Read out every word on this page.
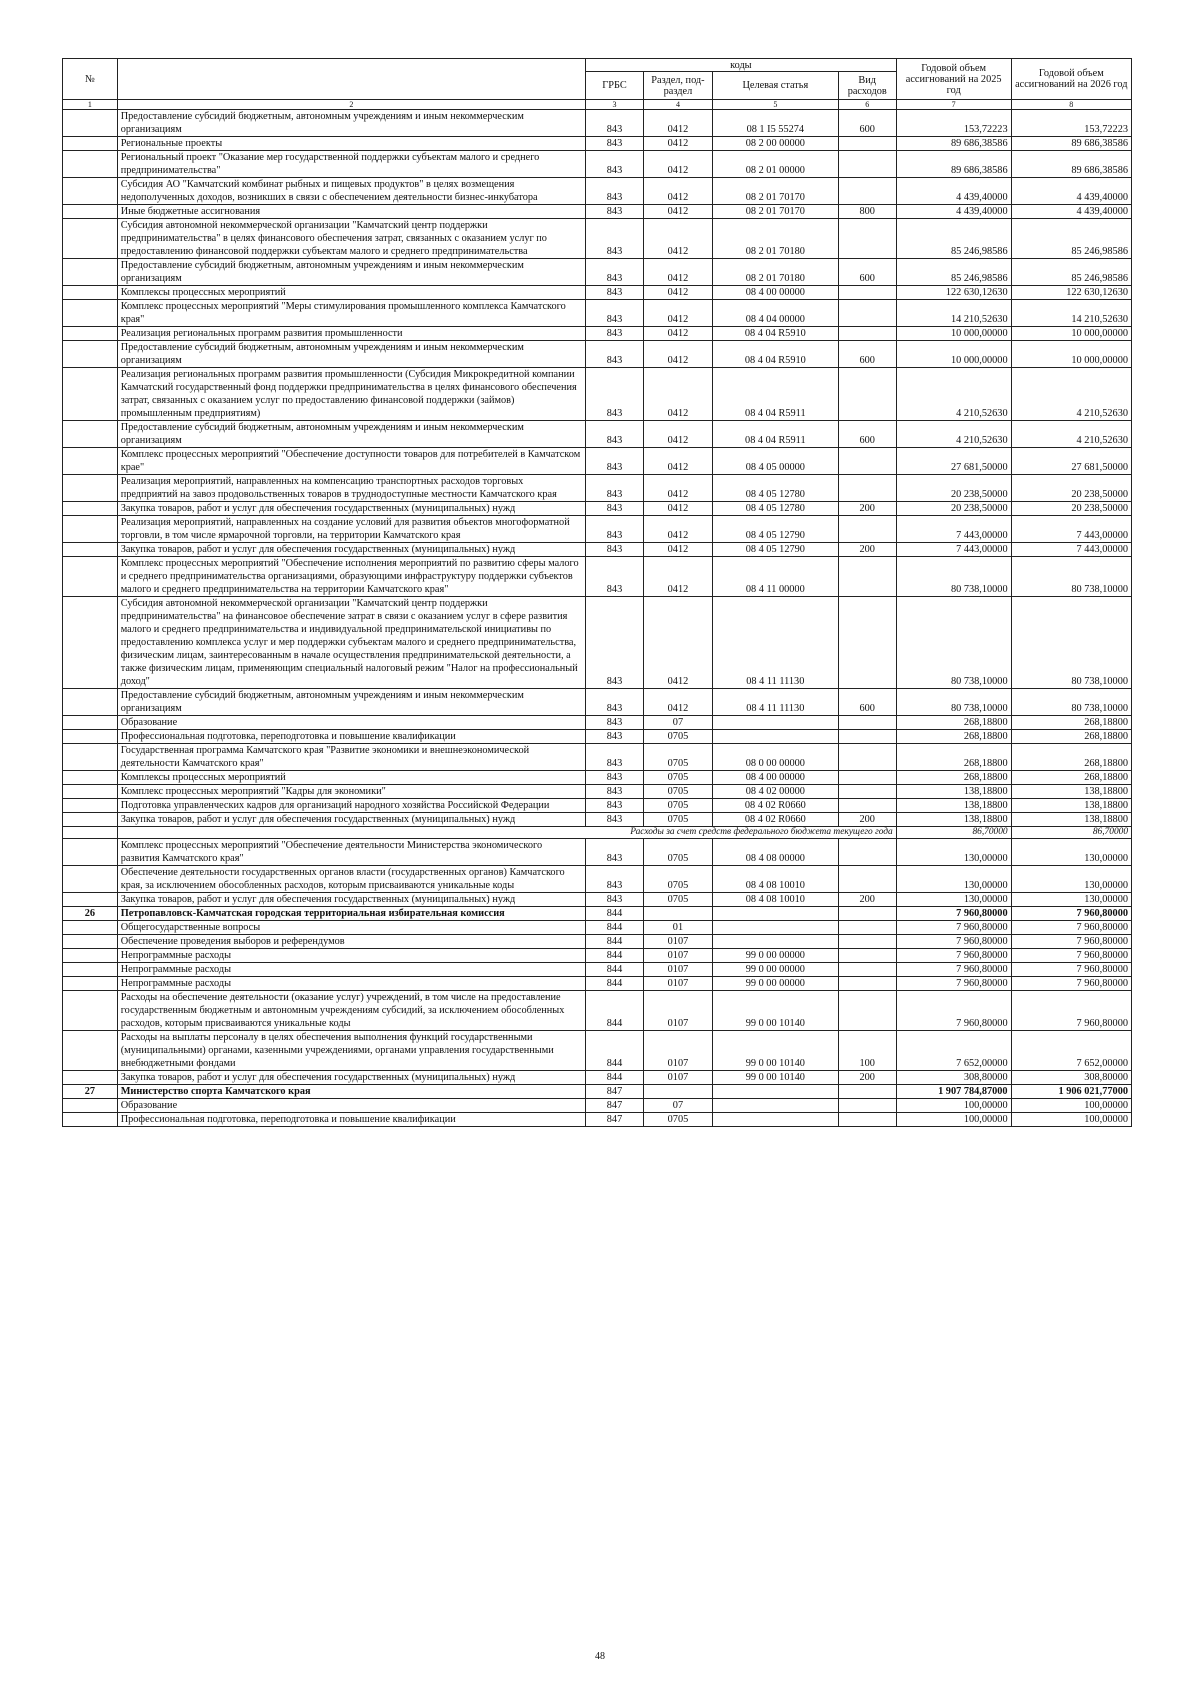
№		коды				Годовой объем ассигнований на 2025 год	Годовой объем ассигнований на 2026 год
		ГРБС	Раздел, под-раздел	Целевая статья	Вид расходов		
1	2	3	4	5	6	7	8
	Предоставление субсидий бюджетным, автономным учреждениям и иным некоммерческим организациям	843	0412	08 1 I5 55274	600	153,72223	153,72223
	Региональные проекты	843	0412	08 2 00 00000		89 686,38586	89 686,38586
	Региональный проект "Оказание мер государственной поддержки субъектам малого и среднего предпринимательства"	843	0412	08 2 01 00000		89 686,38586	89 686,38586
	Субсидия АО "Камчатский комбинат рыбных и пищевых продуктов" в целях возмещения недополученных доходов, возникших в связи с обеспечением деятельности бизнес-инкубатора	843	0412	08 2 01 70170		4 439,40000	4 439,40000
	Иные бюджетные ассигнования	843	0412	08 2 01 70170	800	4 439,40000	4 439,40000
	Субсидия автономной некоммерческой организации "Камчатский центр поддержки предпринимательства" в целях финансового обеспечения затрат, связанных с оказанием услуг по предоставлению финансовой поддержки субъектам малого и среднего предпринимательства	843	0412	08 2 01 70180		85 246,98586	85 246,98586
	Предоставление субсидий бюджетным, автономным учреждениям и иным некоммерческим организациям	843	0412	08 2 01 70180	600	85 246,98586	85 246,98586
	Комплексы процессных мероприятий	843	0412	08 4 00 00000		122 630,12630	122 630,12630
	Комплекс процессных мероприятий "Меры стимулирования промышленного комплекса Камчатского края"	843	0412	08 4 04 00000		14 210,52630	14 210,52630
	Реализация региональных программ развития промышленности	843	0412	08 4 04 R5910		10 000,00000	10 000,00000
	Предоставление субсидий бюджетным, автономным учреждениям и иным некоммерческим организациям	843	0412	08 4 04 R5910	600	10 000,00000	10 000,00000
	Реализация региональных программ развития промышленности (Субсидия Микрокредитной компании Камчатский государственный фонд поддержки предпринимательства в целях финансового обеспечения затрат, связанных с оказанием услуг по предоставлению финансовой поддержки (займов) промышленным предприятиям)	843	0412	08 4 04 R5911		4 210,52630	4 210,52630
	Предоставление субсидий бюджетным, автономным учреждениям и иным некоммерческим организациям	843	0412	08 4 04 R5911	600	4 210,52630	4 210,52630
	Комплекс процессных мероприятий "Обеспечение доступности товаров для потребителей в Камчатском крае"	843	0412	08 4 05 00000		27 681,50000	27 681,50000
	Реализация мероприятий, направленных на компенсацию транспортных расходов торговых предприятий на завоз продовольственных товаров в труднодоступные местности Камчатского края	843	0412	08 4 05 12780		20 238,50000	20 238,50000
	Закупка товаров, работ и услуг для обеспечения государственных (муниципальных) нужд	843	0412	08 4 05 12780	200	20 238,50000	20 238,50000
	Реализация мероприятий, направленных на создание условий для развития объектов многоформатной торговли, в том числе ярмарочной торговли, на территории Камчатского края	843	0412	08 4 05 12790		7 443,00000	7 443,00000
	Закупка товаров, работ и услуг для обеспечения государственных (муниципальных) нужд	843	0412	08 4 05 12790	200	7 443,00000	7 443,00000
	Комплекс процессных мероприятий "Обеспечение исполнения мероприятий по развитию сферы малого и среднего предпринимательства организациями, образующими инфраструктуру поддержки субъектов малого и среднего предпринимательства на территории Камчатского края"	843	0412	08 4 11 00000		80 738,10000	80 738,10000
	Субсидия автономной некоммерческой организации "Камчатский центр поддержки предпринимательства" на финансовое обеспечение затрат в связи с оказанием услуг в сфере развития малого и среднего предпринимательства и индивидуальной предпринимательской инициативы по предоставлению комплекса услуг и мер поддержки субъектам малого и среднего предпринимательства, физическим лицам, заинтересованным в начале осуществления предпринимательской деятельности, а также физическим лицам, применяющим специальный налоговый режим "Налог на профессиональный доход"	843	0412	08 4 11 11130		80 738,10000	80 738,10000
	Предоставление субсидий бюджетным, автономным учреждениям и иным некоммерческим организациям	843	0412	08 4 11 11130	600	80 738,10000	80 738,10000
	Образование	843	07			268,18800	268,18800
	Профессиональная подготовка, переподготовка и повышение квалификации	843	0705			268,18800	268,18800
	Государственная программа Камчатского края "Развитие экономики и внешнеэкономической деятельности Камчатского края"	843	0705	08 0 00 00000		268,18800	268,18800
	Комплексы процессных мероприятий	843	0705	08 4 00 00000		268,18800	268,18800
	Комплекс процессных мероприятий "Кадры для экономики"	843	0705	08 4 02 00000		138,18800	138,18800
	Подготовка управленческих кадров для организаций народного хозяйства Российской Федерации	843	0705	08 4 02 R0660		138,18800	138,18800
	Закупка товаров, работ и услуг для обеспечения государственных (муниципальных) нужд	843	0705	08 4 02 R0660	200	138,18800	138,18800
	Расходы за счет средств федерального бюджета текущего года					86,70000	86,70000
	Комплекс процессных мероприятий "Обеспечение деятельности Министерства экономического развития Камчатского края"	843	0705	08 4 08 00000		130,00000	130,00000
	Обеспечение деятельности государственных органов власти (государственных органов) Камчатского края, за исключением обособленных расходов, которым присваиваются уникальные коды	843	0705	08 4 08 10010		130,00000	130,00000
	Закупка товаров, работ и услуг для обеспечения государственных (муниципальных) нужд	843	0705	08 4 08 10010	200	130,00000	130,00000
26	Петропавловск-Камчатская городская территориальная избирательная комиссия	844				7 960,80000	7 960,80000
	Общегосударственные вопросы	844	01			7 960,80000	7 960,80000
	Обеспечение проведения выборов и референдумов	844	0107			7 960,80000	7 960,80000
	Непрограммные расходы	844	0107	99 0 00 00000		7 960,80000	7 960,80000
	Непрограммные расходы	844	0107	99 0 00 00000		7 960,80000	7 960,80000
	Непрограммные расходы	844	0107	99 0 00 00000		7 960,80000	7 960,80000
	Расходы на обеспечение деятельности (оказание услуг) учреждений, в том числе на предоставление государственным бюджетным и автономным учреждениям субсидий, за исключением обособленных расходов, которым присваиваются уникальные коды	844	0107	99 0 00 10140		7 960,80000	7 960,80000
	Расходы на выплаты персоналу в целях обеспечения выполнения функций государственными (муниципальными) органами, казенными учреждениями, органами управления государственными внебюджетными фондами	844	0107	99 0 00 10140	100	7 652,00000	7 652,00000
	Закупка товаров, работ и услуг для обеспечения государственных (муниципальных) нужд	844	0107	99 0 00 10140	200	308,80000	308,80000
27	Министерство спорта Камчатского края	847				1 907 784,87000	1 906 021,77000
	Образование	847	07			100,00000	100,00000
	Профессиональная подготовка, переподготовка и повышение квалификации	847	0705			100,00000	100,00000
48
